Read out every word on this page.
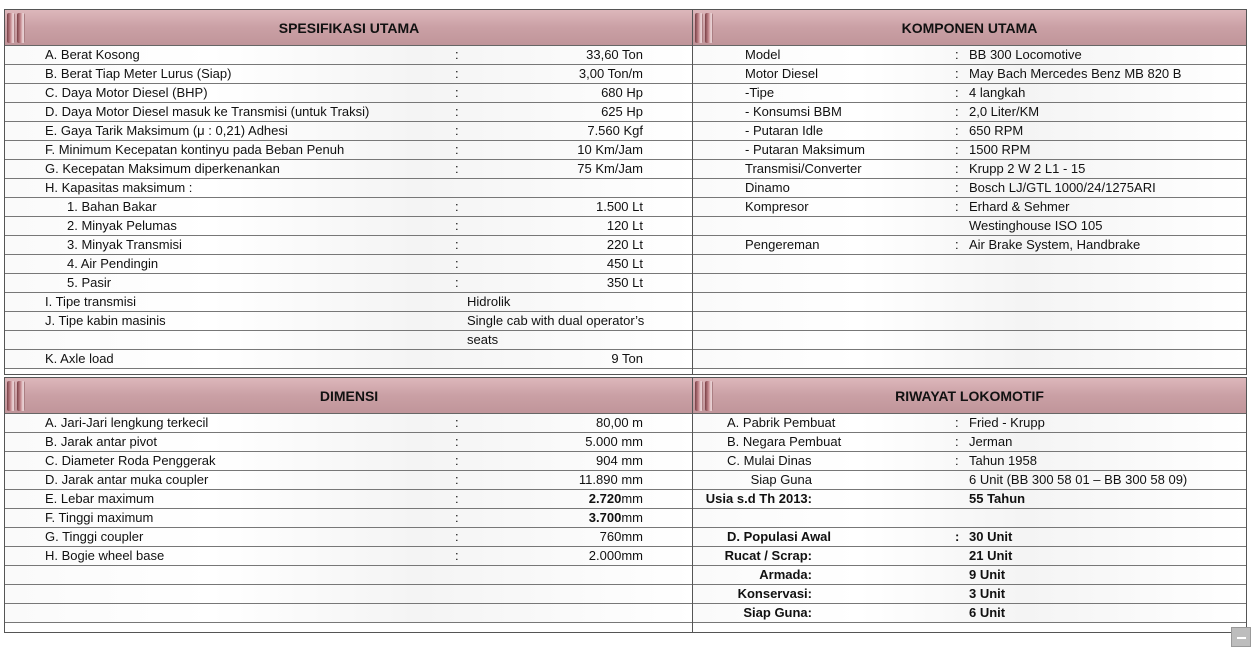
SPESIFIKASI UTAMA
A. Berat Kosong	:	33,60 Ton
B. Berat Tiap Meter Lurus (Siap)	:	3,00 Ton/m
C. Daya Motor Diesel (BHP)	:	680 Hp
D. Daya Motor Diesel masuk ke Transmisi (untuk Traksi)	:	625 Hp
E. Gaya Tarik Maksimum (μ : 0,21) Adhesi	:	7.560 Kgf
F. Minimum Kecepatan kontinyu pada Beban Penuh	:	10 Km/Jam
G. Kecepatan Maksimum diperkenankan	:	75 Km/Jam
H. Kapasitas maksimum :
1. Bahan Bakar	:	1.500 Lt
2. Minyak Pelumas	:	120 Lt
3. Minyak Transmisi	:	220 Lt
4. Air Pendingin	:	450 Lt
5. Pasir	:	350 Lt
I. Tipe transmisi	Hidrolik
J. Tipe kabin masinis	Single cab with dual operator’s
seats
K. Axle load	9 Ton
KOMPONEN UTAMA
Model	: BB 300 Locomotive
Motor Diesel	: May Bach Mercedes Benz MB 820 B
-Tipe	: 4 langkah
- Konsumsi BBM	: 2,0 Liter/KM
- Putaran Idle	: 650 RPM
- Putaran Maksimum	: 1500 RPM
Transmisi/Converter	: Krupp 2 W 2 L1 - 15
Dinamo	: Bosch LJ/GTL 1000/24/1275ARI
Kompresor	: Erhard & Sehmer
Westinghouse ISO 105
Pengereman	: Air Brake System, Handbrake
DIMENSI
A. Jari-Jari lengkung terkecil	:	80,00 m
B. Jarak antar pivot	:	5.000 mm
C. Diameter Roda Penggerak	:	904 mm
D. Jarak antar muka coupler	:	11.890 mm
E. Lebar maximum	:	2.720mm
F. Tinggi maximum	:	3.700mm
G. Tinggi coupler	:	760mm
H. Bogie wheel base	:	2.000mm
RIWAYAT LOKOMOTIF
A. Pabrik Pembuat	: Fried - Krupp
B. Negara Pembuat	: Jerman
C. Mulai Dinas	: Tahun 1958
Siap Guna	6 Unit (BB 300 58 01 – BB 300 58 09)
Usia s.d Th 2013:	55 Tahun
D. Populasi Awal	: 30 Unit
Rucat / Scrap:	21 Unit
Armada:	9 Unit
Konservasi:	3 Unit
Siap Guna:	6 Unit
